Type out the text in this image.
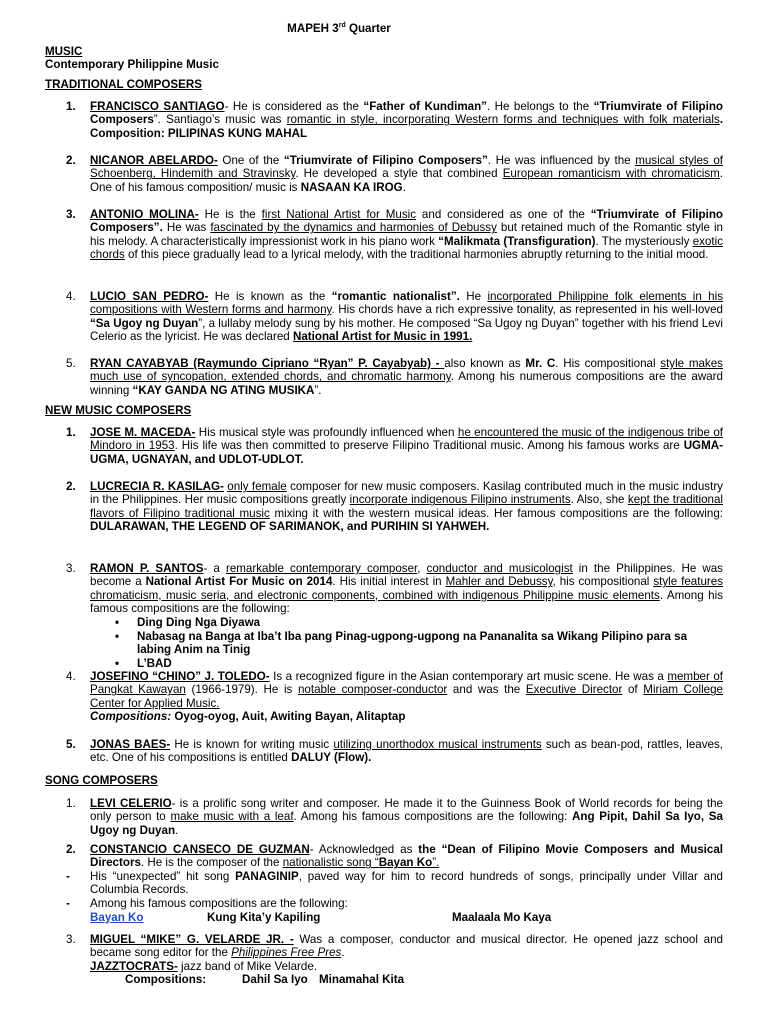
MAPEH 3rd Quarter
MUSIC
Contemporary Philippine Music
TRADITIONAL COMPOSERS
1.	FRANCISCO SANTIAGO- He is considered as the “Father of Kundiman”. He belongs to the “Triumvirate of Filipino Composers”. Santiago’s music was romantic in style, incorporating Western forms and techniques with folk materials. Composition: PILIPINAS KUNG MAHAL
2.	NICANOR ABELARDO- One of the “Triumvirate of Filipino Composers”. He was influenced by the musical styles of Schoenberg, Hindemith and Stravinsky. He developed a style that combined European romanticism with chromaticism. One of his famous composition/ music is NASAAN KA IROG.
3.	ANTONIO MOLINA- He is the first National Artist for Music and considered as one of the “Triumvirate of Filipino Composers”. He was fascinated by the dynamics and harmonies of Debussy but retained much of the Romantic style in his melody. A characteristically impressionist work in his piano work “Malikmata (Transfiguration). The mysteriously exotic chords of this piece gradually lead to a lyrical melody, with the traditional harmonies abruptly returning to the initial mood.
4.	LUCIO SAN PEDRO- He is known as the “romantic nationalist”. He incorporated Philippine folk elements in his compositions with Western forms and harmony. His chords have a rich expressive tonality, as represented in his well-loved “Sa Ugoy ng Duyan”, a lullaby melody sung by his mother. He composed “Sa Ugoy ng Duyan” together with his friend Levi Celerio as the lyricist. He was declared National Artist for Music in 1991.
5.	RYAN CAYABYAB (Raymundo Cipriano “Ryan” P. Cayabyab) - also known as Mr. C. His compositional style makes much use of syncopation, extended chords, and chromatic harmony. Among his numerous compositions are the award winning “KAY GANDA NG ATING MUSIKA”.
NEW MUSIC COMPOSERS
1.	JOSE M. MACEDA- His musical style was profoundly influenced when he encountered the music of the indigenous tribe of Mindoro in 1953. His life was then committed to preserve Filipino Traditional music. Among his famous works are UGMA- UGMA, UGNAYAN, and UDLOT-UDLOT.
2.	LUCRECIA R. KASILAG- only female composer for new music composers. Kasilag contributed much in the music industry in the Philippines. Her music compositions greatly incorporate indigenous Filipino instruments. Also, she kept the traditional flavors of Filipino traditional music mixing it with the western musical ideas. Her famous compositions are the following: DULARAWAN, THE LEGEND OF SARIMANOK, and PURIHIN SI YAHWEH.
3.	RAMON P. SANTOS- a remarkable contemporary composer, conductor and musicologist in the Philippines. He was become a National Artist For Music on 2014. His initial interest in Mahler and Debussy, his compositional style features chromaticism, music seria, and electronic components, combined with indigenous Philippine music elements. Among his famous compositions are the following:
• Ding Ding Nga Diyawa
• Nabasag na Banga at Iba’t Iba pang Pinag-ugpong-ugpong na Pananalita sa Wikang Pilipino para sa labing Anim na Tinig
• L’BAD
4.	JOSEFINO “CHINO” J. TOLEDO- Is a recognized figure in the Asian contemporary art music scene. He was a member of Pangkat Kawayan (1966-1979). He is notable composer-conductor and was the Executive Director of Miriam College Center for Applied Music.
Compositions: Oyog-oyog, Auit, Awiting Bayan, Alitaptap
5.	JONAS BAES- He is known for writing music utilizing unorthodox musical instruments such as bean-pod, rattles, leaves, etc. One of his compositions is entitled DALUY (Flow).
SONG COMPOSERS
1.	LEVI CELERIO- is a prolific song writer and composer. He made it to the Guinness Book of World records for being the only person to make music with a leaf. Among his famous compositions are the following: Ang Pipit, Dahil Sa Iyo, Sa Ugoy ng Duyan.
2.	CONSTANCIO CANSECO DE GUZMAN- Acknowledged as the “Dean of Filipino Movie Composers and Musical Directors. He is the composer of the nationalistic song “Bayan Ko”.
- His “unexpected” hit song PANAGINIP, paved way for him to record hundreds of songs, principally under Villar and Columbia Records.
- Among his famous compositions are the following:
Bayan Ko	Kung Kita’y Kapiling	Maalaala Mo Kaya
3.	MIGUEL “MIKE” G. VELARDE JR. - Was a composer, conductor and musical director. He opened jazz school and became song editor for the Philippines Free Pres.
JAZZTOCRATS- jazz band of Mike Velarde.
Compositions:	Dahil Sa Iyo Minamahal Kita
